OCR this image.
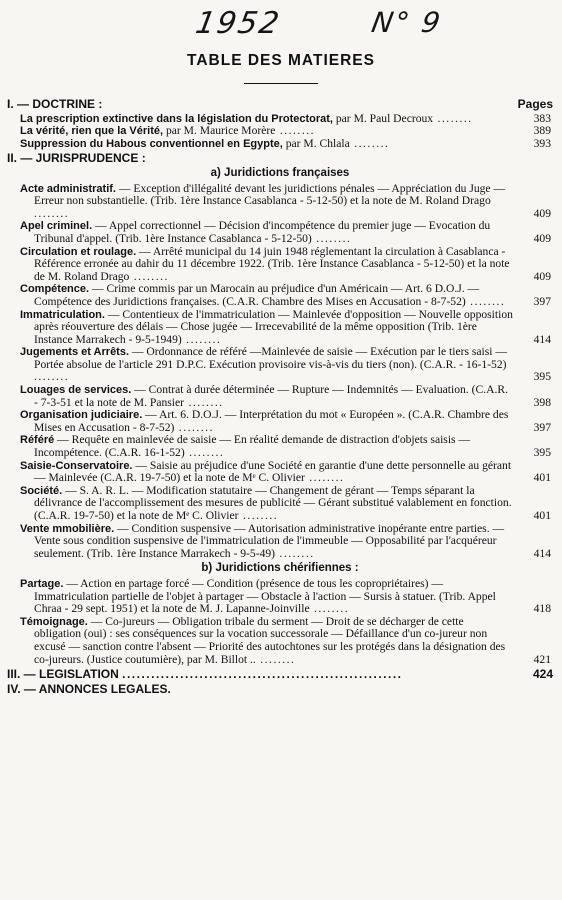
1952	N° 9
TABLE DES MATIERES
I. — DOCTRINE :	Pages
La prescription extinctive dans la législation du Protectorat, par M. Paul Decroux ........	383
La vérité, rien que la Vérité, par M. Maurice Morère ........	389
Suppression du Habous conventionnel en Egypte, par M. Chlala ........	393
II. — JURISPRUDENCE :
a) Juridictions françaises
Acte administratif. — Exception d'illégalité devant les juridictions pénales — Appréciation du Juge — Erreur non substantielle. (Trib. 1ère Instance Casablanca - 5-12-50) et la note de M. Roland Drago ........	409
Apel criminel. — Appel correctionnel — Décision d'incompétence du premier juge — Evocation du Tribunal d'appel. (Trib. 1ère Instance Casablanca - 5-12-50) ........	409
Circulation et roulage. — Arrêté municipal du 14 juin 1948 réglementant la circulation à Casablanca - Référence erronée au dahir du 11 décembre 1922. (Trib. 1ère Instance Casablanca - 5-12-50) et la note de M. Roland Drago ........	409
Compétence. — Crime commis par un Marocain au préjudice d'un Américain — Art. 6 D.O.J. — Compétence des Juridictions françaises. (C.A.R. Chambre des Mises en Accusation - 8-7-52) ........ 397
Immatriculation. — Contentieux de l'immatriculation — Mainlevée d'opposition — Nouvelle opposition après réouverture des délais — Chose jugée — Irrecevabilité de la même opposition (Trib. 1ère Instance Marrakech - 9-5-1949) ........	414
Jugements et Arrêts. — Ordonnance de référé —Mainlevée de saisie — Exécution par le tiers saisi — Portée absolue de l'article 291 D.P.C. Exécution provisoire vis-à-vis du tiers (non). (C.A.R. - 16-1-52) ........	395
Louages de services. — Contrat à durée déterminée — Rupture — Indemnités — Evaluation. (C.A.R. - 7-3-51 et la note de M. Pansier ........	398
Organisation judiciaire. — Art. 6. D.O.J. — Interprétation du mot « Européen ». (C.A.R. Chambre des Mises en Accusation - 8-7-52) ........	397
Référé — Requête en mainlevée de saisie — En réalité demande de distraction d'objets saisis — Incompétence. (C.A.R. 16-1-52) ........	395
Saisie-Conservatoire. — Saisie au préjudice d'une Société en garantie d'une dette personnelle au gérant — Mainlevée (C.A.R. 19-7-50) et la note de Mᵉ C. Olivier ........	401
Société. — S. A. R. L. — Modification statutaire — Changement de gérant — Temps séparant la délivrance de l'accomplissement des mesures de publicité — Gérant substitué valablement en fonction. (C.A.R. 19-7-50) et la note de Mᵉ C. Olivier ........	401
Vente mmobilière. — Condition suspensive — Autorisation administrative inopérante entre parties. — Vente sous condition suspensive de l'immatriculation de l'immeuble — Opposabilité par l'acquéreur seulement. (Trib. 1ère Instance Marrakech - 9-5-49) ........	414
b) Juridictions chérifiennes :
Partage. — Action en partage forcé — Condition (présence de tous les copropriétaires) — Immatriculation partielle de l'objet à partager — Obstacle à l'action — Sursis à statuer. (Trib. Appel Chraa - 29 sept. 1951) et la note de M. J. Lapanne-Joinville ........	418
Témoignage. — Co-jureurs — Obligation tribale du serment — Droit de se décharger de cette obligation (oui) : ses conséquences sur la vocation successorale — Défaillance d'un co-jureur non excusé — sanction contre l'absent — Priorité des autochtones sur les protégés dans la désignation des co-jureurs. (Justice coutumière), par M. Billot .. ........	421
III. — LEGISLATION ..........................................................	424
IV. — ANNONCES LEGALES.
